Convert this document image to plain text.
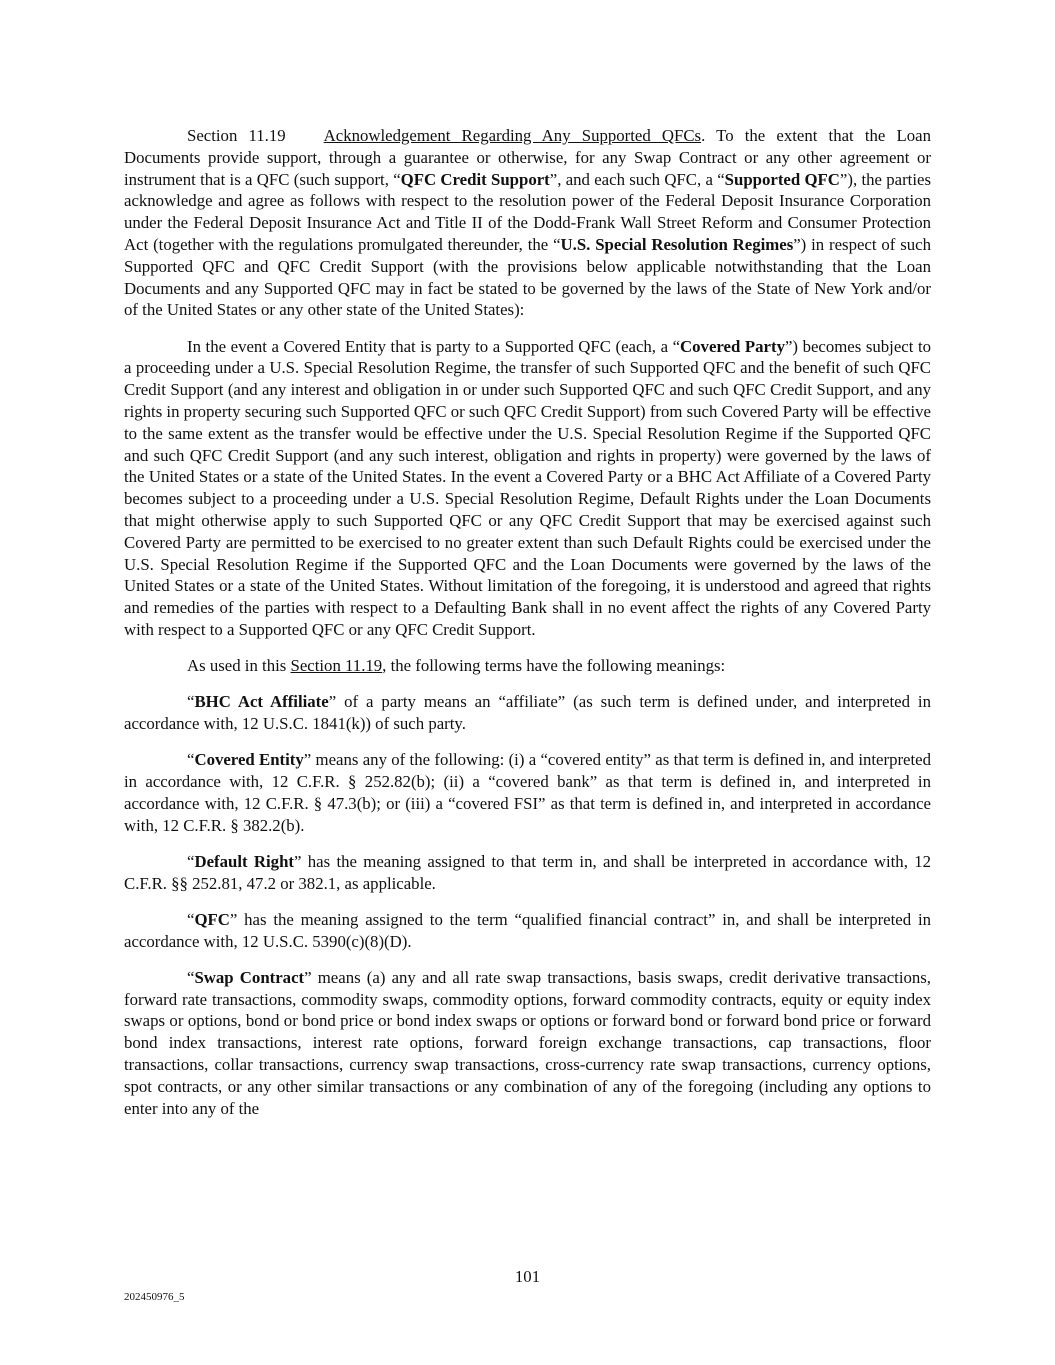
Section 11.19 Acknowledgement Regarding Any Supported QFCs. To the extent that the Loan Documents provide support, through a guarantee or otherwise, for any Swap Contract or any other agreement or instrument that is a QFC (such support, “QFC Credit Support”, and each such QFC, a “Supported QFC”), the parties acknowledge and agree as follows with respect to the resolution power of the Federal Deposit Insurance Corporation under the Federal Deposit Insurance Act and Title II of the Dodd-Frank Wall Street Reform and Consumer Protection Act (together with the regulations promulgated thereunder, the “U.S. Special Resolution Regimes”) in respect of such Supported QFC and QFC Credit Support (with the provisions below applicable notwithstanding that the Loan Documents and any Supported QFC may in fact be stated to be governed by the laws of the State of New York and/or of the United States or any other state of the United States):

In the event a Covered Entity that is party to a Supported QFC (each, a “Covered Party”) becomes subject to a proceeding under a U.S. Special Resolution Regime, the transfer of such Supported QFC and the benefit of such QFC Credit Support (and any interest and obligation in or under such Supported QFC and such QFC Credit Support, and any rights in property securing such Supported QFC or such QFC Credit Support) from such Covered Party will be effective to the same extent as the transfer would be effective under the U.S. Special Resolution Regime if the Supported QFC and such QFC Credit Support (and any such interest, obligation and rights in property) were governed by the laws of the United States or a state of the United States. In the event a Covered Party or a BHC Act Affiliate of a Covered Party becomes subject to a proceeding under a U.S. Special Resolution Regime, Default Rights under the Loan Documents that might otherwise apply to such Supported QFC or any QFC Credit Support that may be exercised against such Covered Party are permitted to be exercised to no greater extent than such Default Rights could be exercised under the U.S. Special Resolution Regime if the Supported QFC and the Loan Documents were governed by the laws of the United States or a state of the United States. Without limitation of the foregoing, it is understood and agreed that rights and remedies of the parties with respect to a Defaulting Bank shall in no event affect the rights of any Covered Party with respect to a Supported QFC or any QFC Credit Support.

As used in this Section 11.19, the following terms have the following meanings:

“BHC Act Affiliate” of a party means an “affiliate” (as such term is defined under, and interpreted in accordance with, 12 U.S.C. 1841(k)) of such party.

“Covered Entity” means any of the following: (i) a “covered entity” as that term is defined in, and interpreted in accordance with, 12 C.F.R. § 252.82(b); (ii) a “covered bank” as that term is defined in, and interpreted in accordance with, 12 C.F.R. § 47.3(b); or (iii) a “covered FSI” as that term is defined in, and interpreted in accordance with, 12 C.F.R. § 382.2(b).

“Default Right” has the meaning assigned to that term in, and shall be interpreted in accordance with, 12 C.F.R. §§ 252.81, 47.2 or 382.1, as applicable.

“QFC” has the meaning assigned to the term “qualified financial contract” in, and shall be interpreted in accordance with, 12 U.S.C. 5390(c)(8)(D).

“Swap Contract” means (a) any and all rate swap transactions, basis swaps, credit derivative transactions, forward rate transactions, commodity swaps, commodity options, forward commodity contracts, equity or equity index swaps or options, bond or bond price or bond index swaps or options or forward bond or forward bond price or forward bond index transactions, interest rate options, forward foreign exchange transactions, cap transactions, floor transactions, collar transactions, currency swap transactions, cross-currency rate swap transactions, currency options, spot contracts, or any other similar transactions or any combination of any of the foregoing (including any options to enter into any of the

101
202450976_5
